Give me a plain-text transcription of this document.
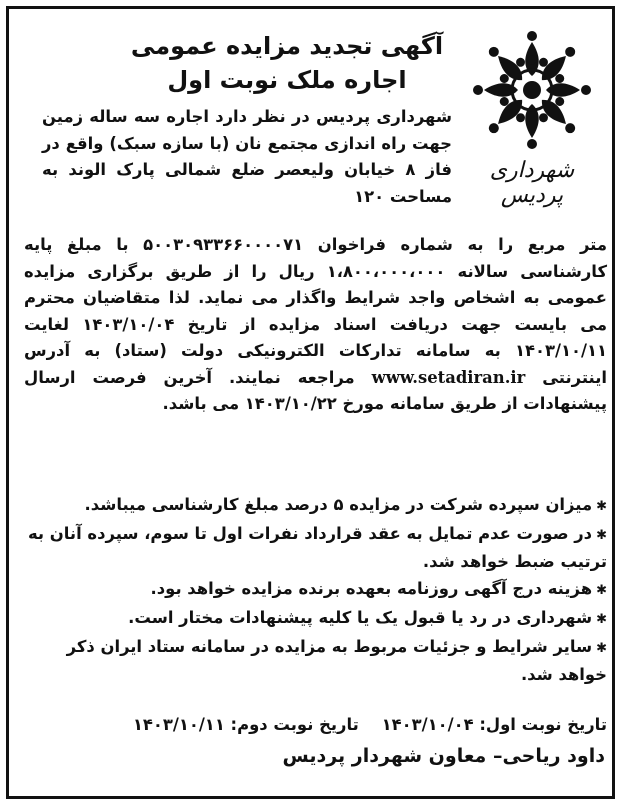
شهرداری پردیس
آگهی تجدید مزایده عمومی
اجاره ملک نوبت اول

شهرداری پردیس در نظر دارد اجاره سه ساله زمین جهت راه اندازی مجتمع نان (با سازه سبک) واقع در فاز ۸ خیابان ولیعصر ضلع شمالی پارک الوند به مساحت ۱۲۰

متر مربع را به شماره فراخوان ۵۰۰۳۰۹۳۳۶۶۰۰۰۰۷۱ با مبلغ پایه کارشناسی سالانه ۱،۸۰۰،۰۰۰،۰۰۰ ریال را از طریق برگزاری مزایده عمومی به اشخاص واجد شرایط واگذار می نماید. لذا متقاضیان محترم می بایست جهت دریافت اسناد مزایده از تاریخ ۱۴۰۳/۱۰/۰۴ لغایت ۱۴۰۳/۱۰/۱۱ به سامانه تدارکات الکترونیکی دولت (ستاد) به آدرس اینترنتی www.setadiran.ir مراجعه نمایند. آخرین فرصت ارسال پیشنهادات از طریق سامانه مورخ ۱۴۰۳/۱۰/۲۲ می باشد.

✱میزان سپرده شرکت در مزایده ۵ درصد مبلغ کارشناسی میباشد.

✱در صورت عدم تمایل به عقد قرارداد نفرات اول تا سوم، سپرده آنان به ترتیب ضبط خواهد شد.

✱هزینه درج آگهی روزنامه بعهده برنده مزایده خواهد بود.

✱شهرداری در رد یا قبول یک یا کلیه پیشنهادات مختار است.

✱سایر شرایط و جزئیات مربوط به مزایده در سامانه ستاد ایران ذکر خواهد شد.

تاریخ نوبت اول: ۱۴۰۳/۱۰/۰۴    تاریخ نوبت دوم: ۱۴۰۳/۱۰/۱۱
داود ریاحی– معاون شهردار پردیس
